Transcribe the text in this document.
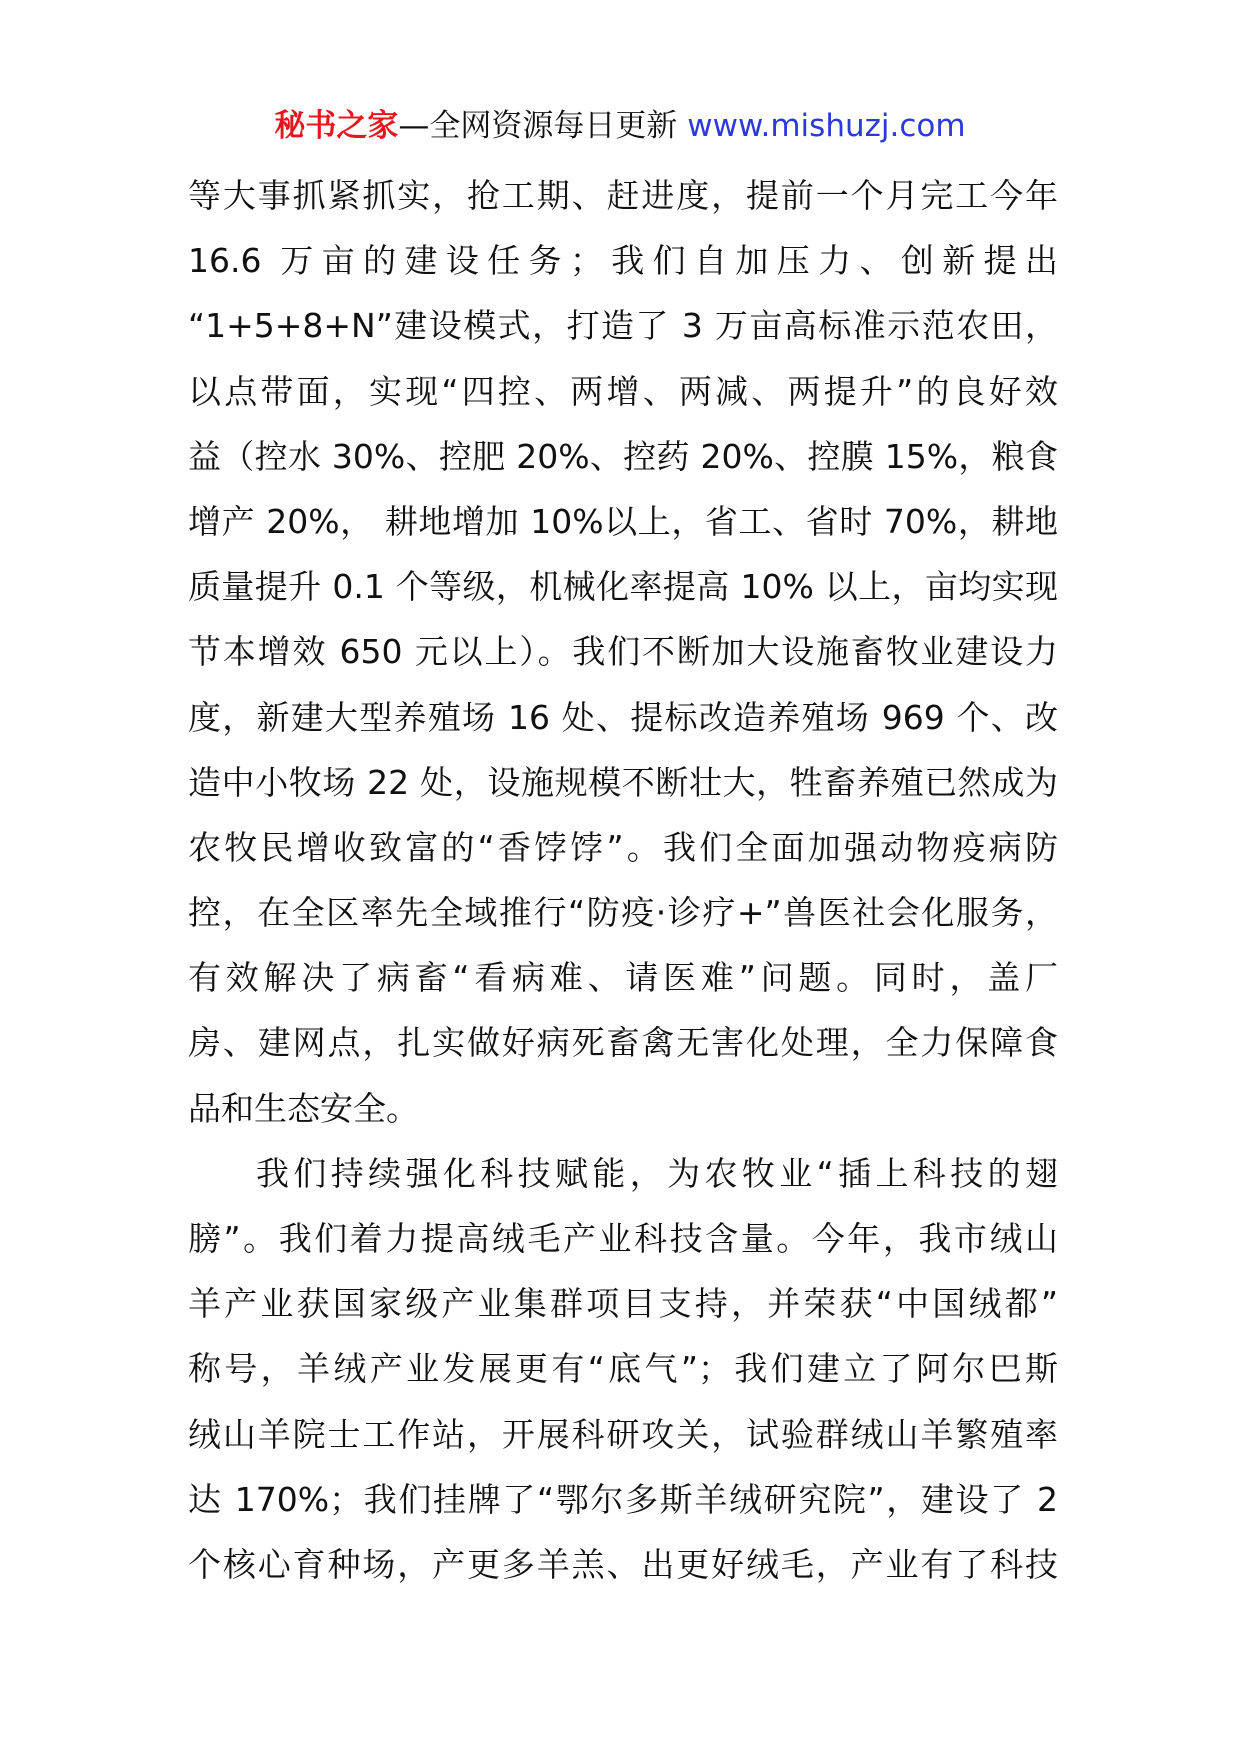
秘书之家—全网资源每日更新 www.mishuzj.com
等大事抓紧抓实，抢工期、赶进度，提前一个月完工今年
16.6 万亩的建设任务；我们自加压力、创新提出
“1+5+8+N”建设模式，打造了 3 万亩高标准示范农田，
以点带面，实现“四控、两增、两减、两提升”的良好效
益（控水 30%、控肥 20%、控药 20%、控膜 15%，粮食
增产 20%， 耕地增加 10%以上，省工、省时 70%，耕地
质量提升 0.1 个等级，机械化率提高 10% 以上，亩均实现
节本增效 650 元以上）。我们不断加大设施畜牧业建设力
度，新建大型养殖场 16 处、提标改造养殖场 969 个、改
造中小牧场 22 处，设施规模不断壮大，牲畜养殖已然成为
农牧民增收致富的“香饽饽”。我们全面加强动物疫病防
控，在全区率先全域推行“防疫·诊疗+”兽医社会化服务，
有效解决了病畜“看病难、请医难”问题。同时，盖厂
房、建网点，扎实做好病死畜禽无害化处理，全力保障食
品和生态安全。
我们持续强化科技赋能，为农牧业“插上科技的翅
膀”。我们着力提高绒毛产业科技含量。今年，我市绒山
羊产业获国家级产业集群项目支持，并荣获“中国绒都”
称号，羊绒产业发展更有“底气”；我们建立了阿尔巴斯
绒山羊院士工作站，开展科研攻关，试验群绒山羊繁殖率
达 170%；我们挂牌了“鄂尔多斯羊绒研究院”，建设了 2
个核心育种场，产更多羊羔、出更好绒毛，产业有了科技
